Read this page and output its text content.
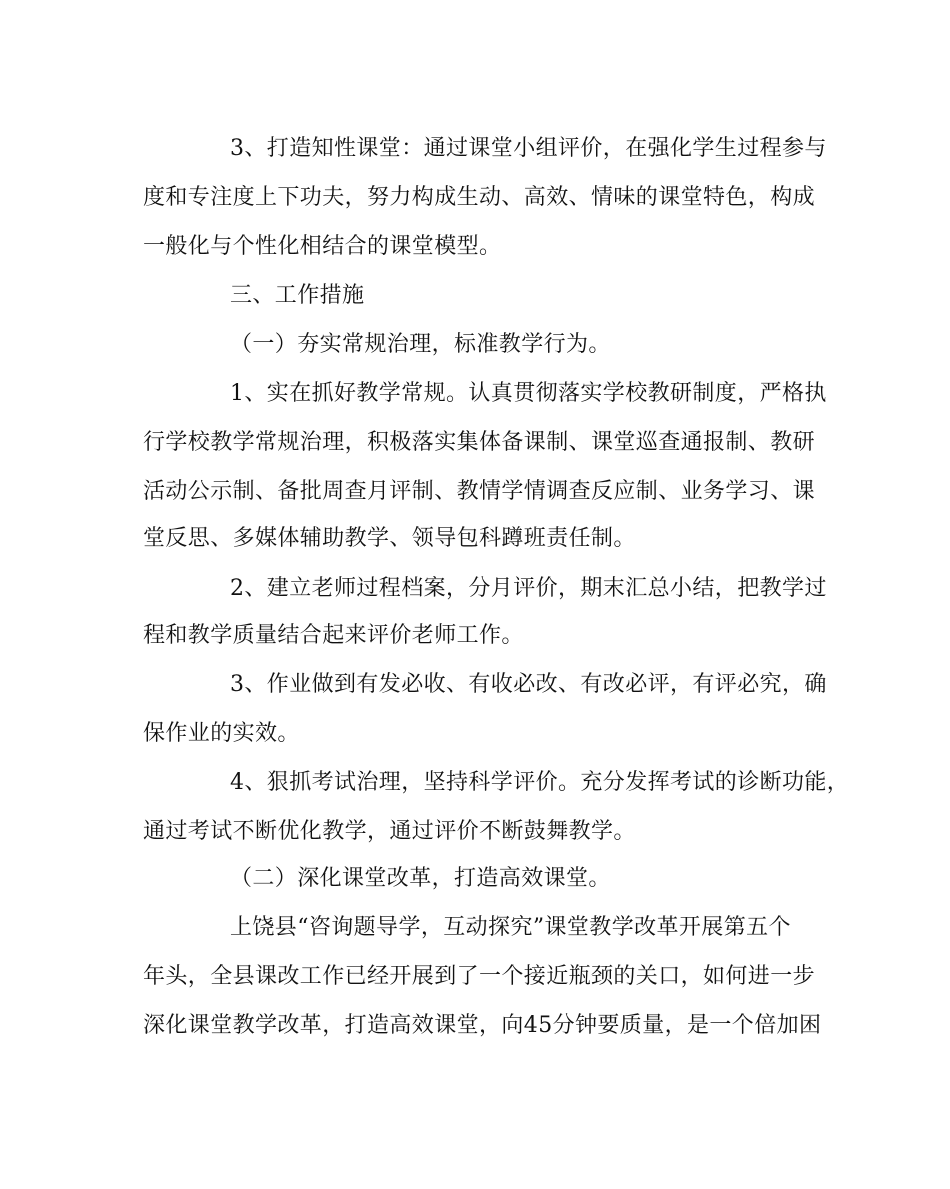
3、打造知性课堂：通过课堂小组评价，在强化学生过程参与
度和专注度上下功夫，努力构成生动、高效、情味的课堂特色，构成
一般化与个性化相结合的课堂模型。
三、工作措施
（一）夯实常规治理，标准教学行为。
1、实在抓好教学常规。认真贯彻落实学校教研制度，严格执
行学校教学常规治理，积极落实集体备课制、课堂巡查通报制、教研
活动公示制、备批周查月评制、教情学情调查反应制、业务学习、课
堂反思、多媒体辅助教学、领导包科蹲班责任制。
2、建立老师过程档案，分月评价，期末汇总小结，把教学过
程和教学质量结合起来评价老师工作。
3、作业做到有发必收、有收必改、有改必评，有评必究，确
保作业的实效。
4、狠抓考试治理，坚持科学评价。充分发挥考试的诊断功能，
通过考试不断优化教学，通过评价不断鼓舞教学。
（二）深化课堂改革，打造高效课堂。
上饶县“咨询题导学，互动探究”课堂教学改革开展第五个
年头，全县课改工作已经开展到了一个接近瓶颈的关口，如何进一步
深化课堂教学改革，打造高效课堂，向45分钟要质量，是一个倍加困
